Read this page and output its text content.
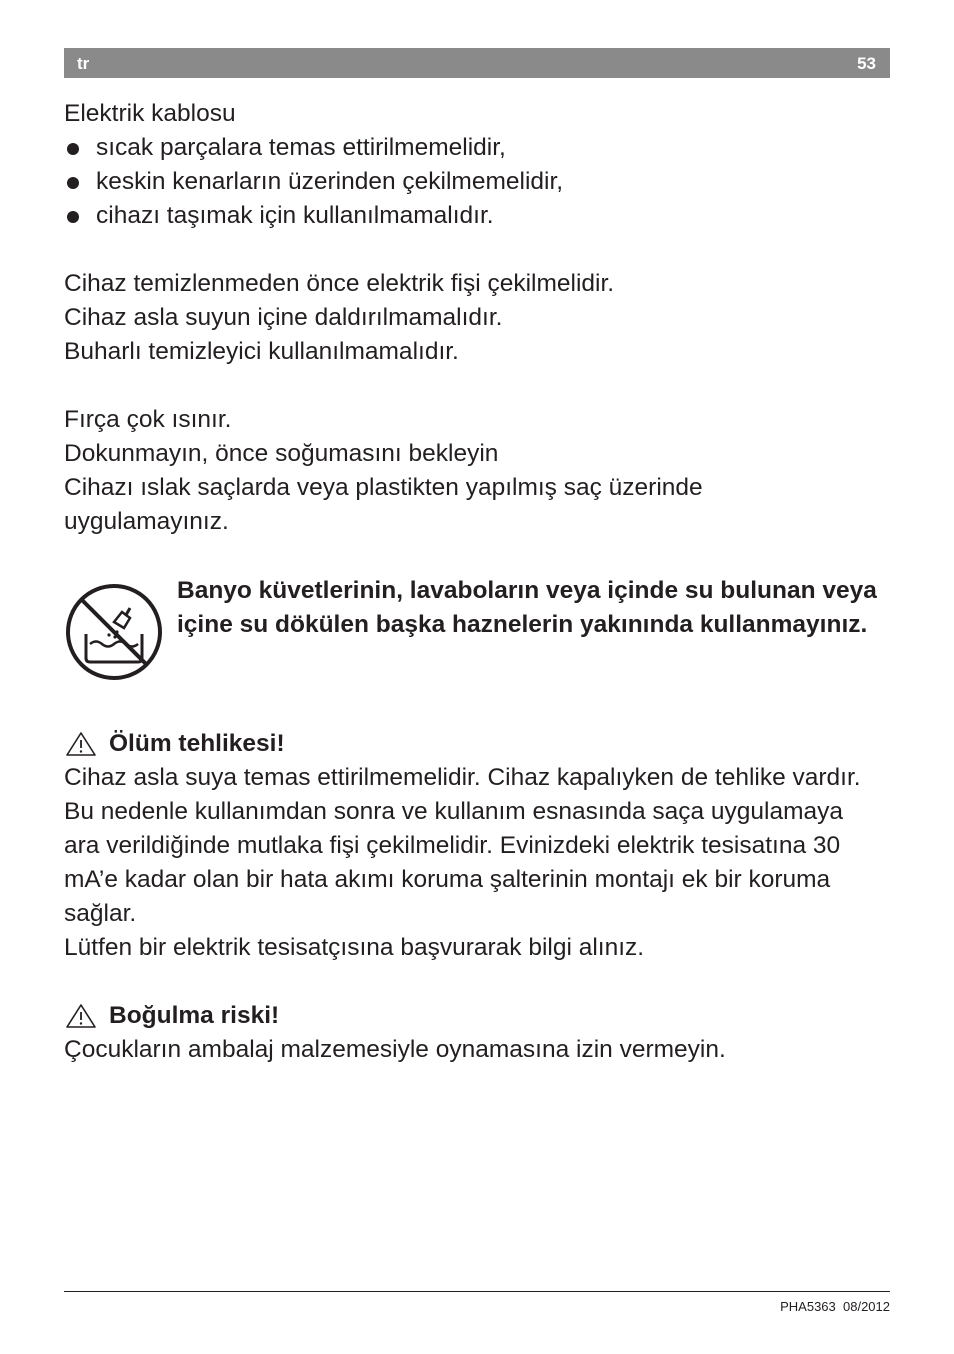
tr	53

Elektrik kablosu

sıcak parçalara temas ettirilmemelidir,
keskin kenarların üzerinden çekilmemelidir,
cihazı taşımak için kullanılmamalıdır.

Cihaz temizlenmeden önce elektrik fişi çekilmelidir.

Cihaz asla suyun içine daldırılmamalıdır.

Buharlı temizleyici kullanılmamalıdır.

Fırça çok ısınır.

Dokunmayın, önce soğumasını bekleyin

Cihazı ıslak saçlarda veya plastikten yapılmış saç üzerinde uygulamayınız.

Banyo küvetlerinin, lavaboların veya içinde su bulunan veya içine su dökülen başka haznelerin yakınında kullanmayınız.
Ölüm tehlikesi!

Cihaz asla suya temas ettirilmemelidir. Cihaz kapalıyken de tehlike vardır. Bu nedenle kullanımdan sonra ve kullanım esnasında saça uygulamaya ara verildiğinde mutlaka fişi çekilmelidir. Evinizdeki elektrik tesisatına 30 mA’e kadar olan bir hata akımı koruma şalterinin montajı ek bir koruma sağlar.

Lütfen bir elektrik tesisatçısına başvurarak bilgi alınız.

Boğulma riski!

Çocukların ambalaj malzemesiyle oynamasına izin vermeyin.

PHA5363 08/2012
